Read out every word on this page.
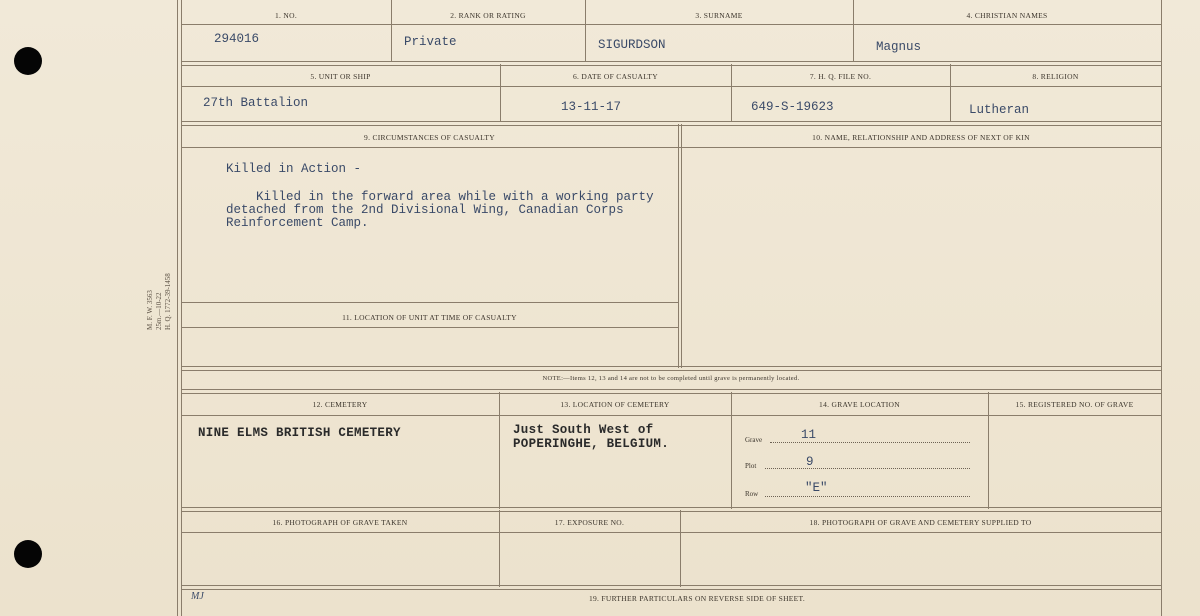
M. F. W. 3563 25m.—10-22 H. Q. 1772-39-1458
1. NO.	2. RANK OR RATING	3. SURNAME	4. CHRISTIAN NAMES
294016	Private	SIGURDSON	Magnus
5. UNIT OR SHIP	6. DATE OF CASUALTY	7. H. Q. FILE NO.	8. RELIGION
27th Battalion	13-11-17	649-S-19623	Lutheran
9. CIRCUMSTANCES OF CASUALTY	10. NAME, RELATIONSHIP AND ADDRESS OF NEXT OF KIN
Killed in Action -
Killed in the forward area while with a working party
detached from the 2nd Divisional Wing, Canadian Corps
Reinforcement Camp.
11. LOCATION OF UNIT AT TIME OF CASUALTY
NOTE:—Items 12, 13 and 14 are not to be completed until grave is permanently located.
12. CEMETERY	13. LOCATION OF CEMETERY	14. GRAVE LOCATION	15. REGISTERED NO. OF GRAVE
NINE ELMS BRITISH CEMETERY	Just South West of
POPERINGHE, BELGIUM.	Grave	11
Plot	9
Row	"E"
16. PHOTOGRAPH OF GRAVE TAKEN	17. EXPOSURE NO.	18. PHOTOGRAPH OF GRAVE AND CEMETERY SUPPLIED TO
19. FURTHER PARTICULARS ON REVERSE SIDE OF SHEET.
MJ
